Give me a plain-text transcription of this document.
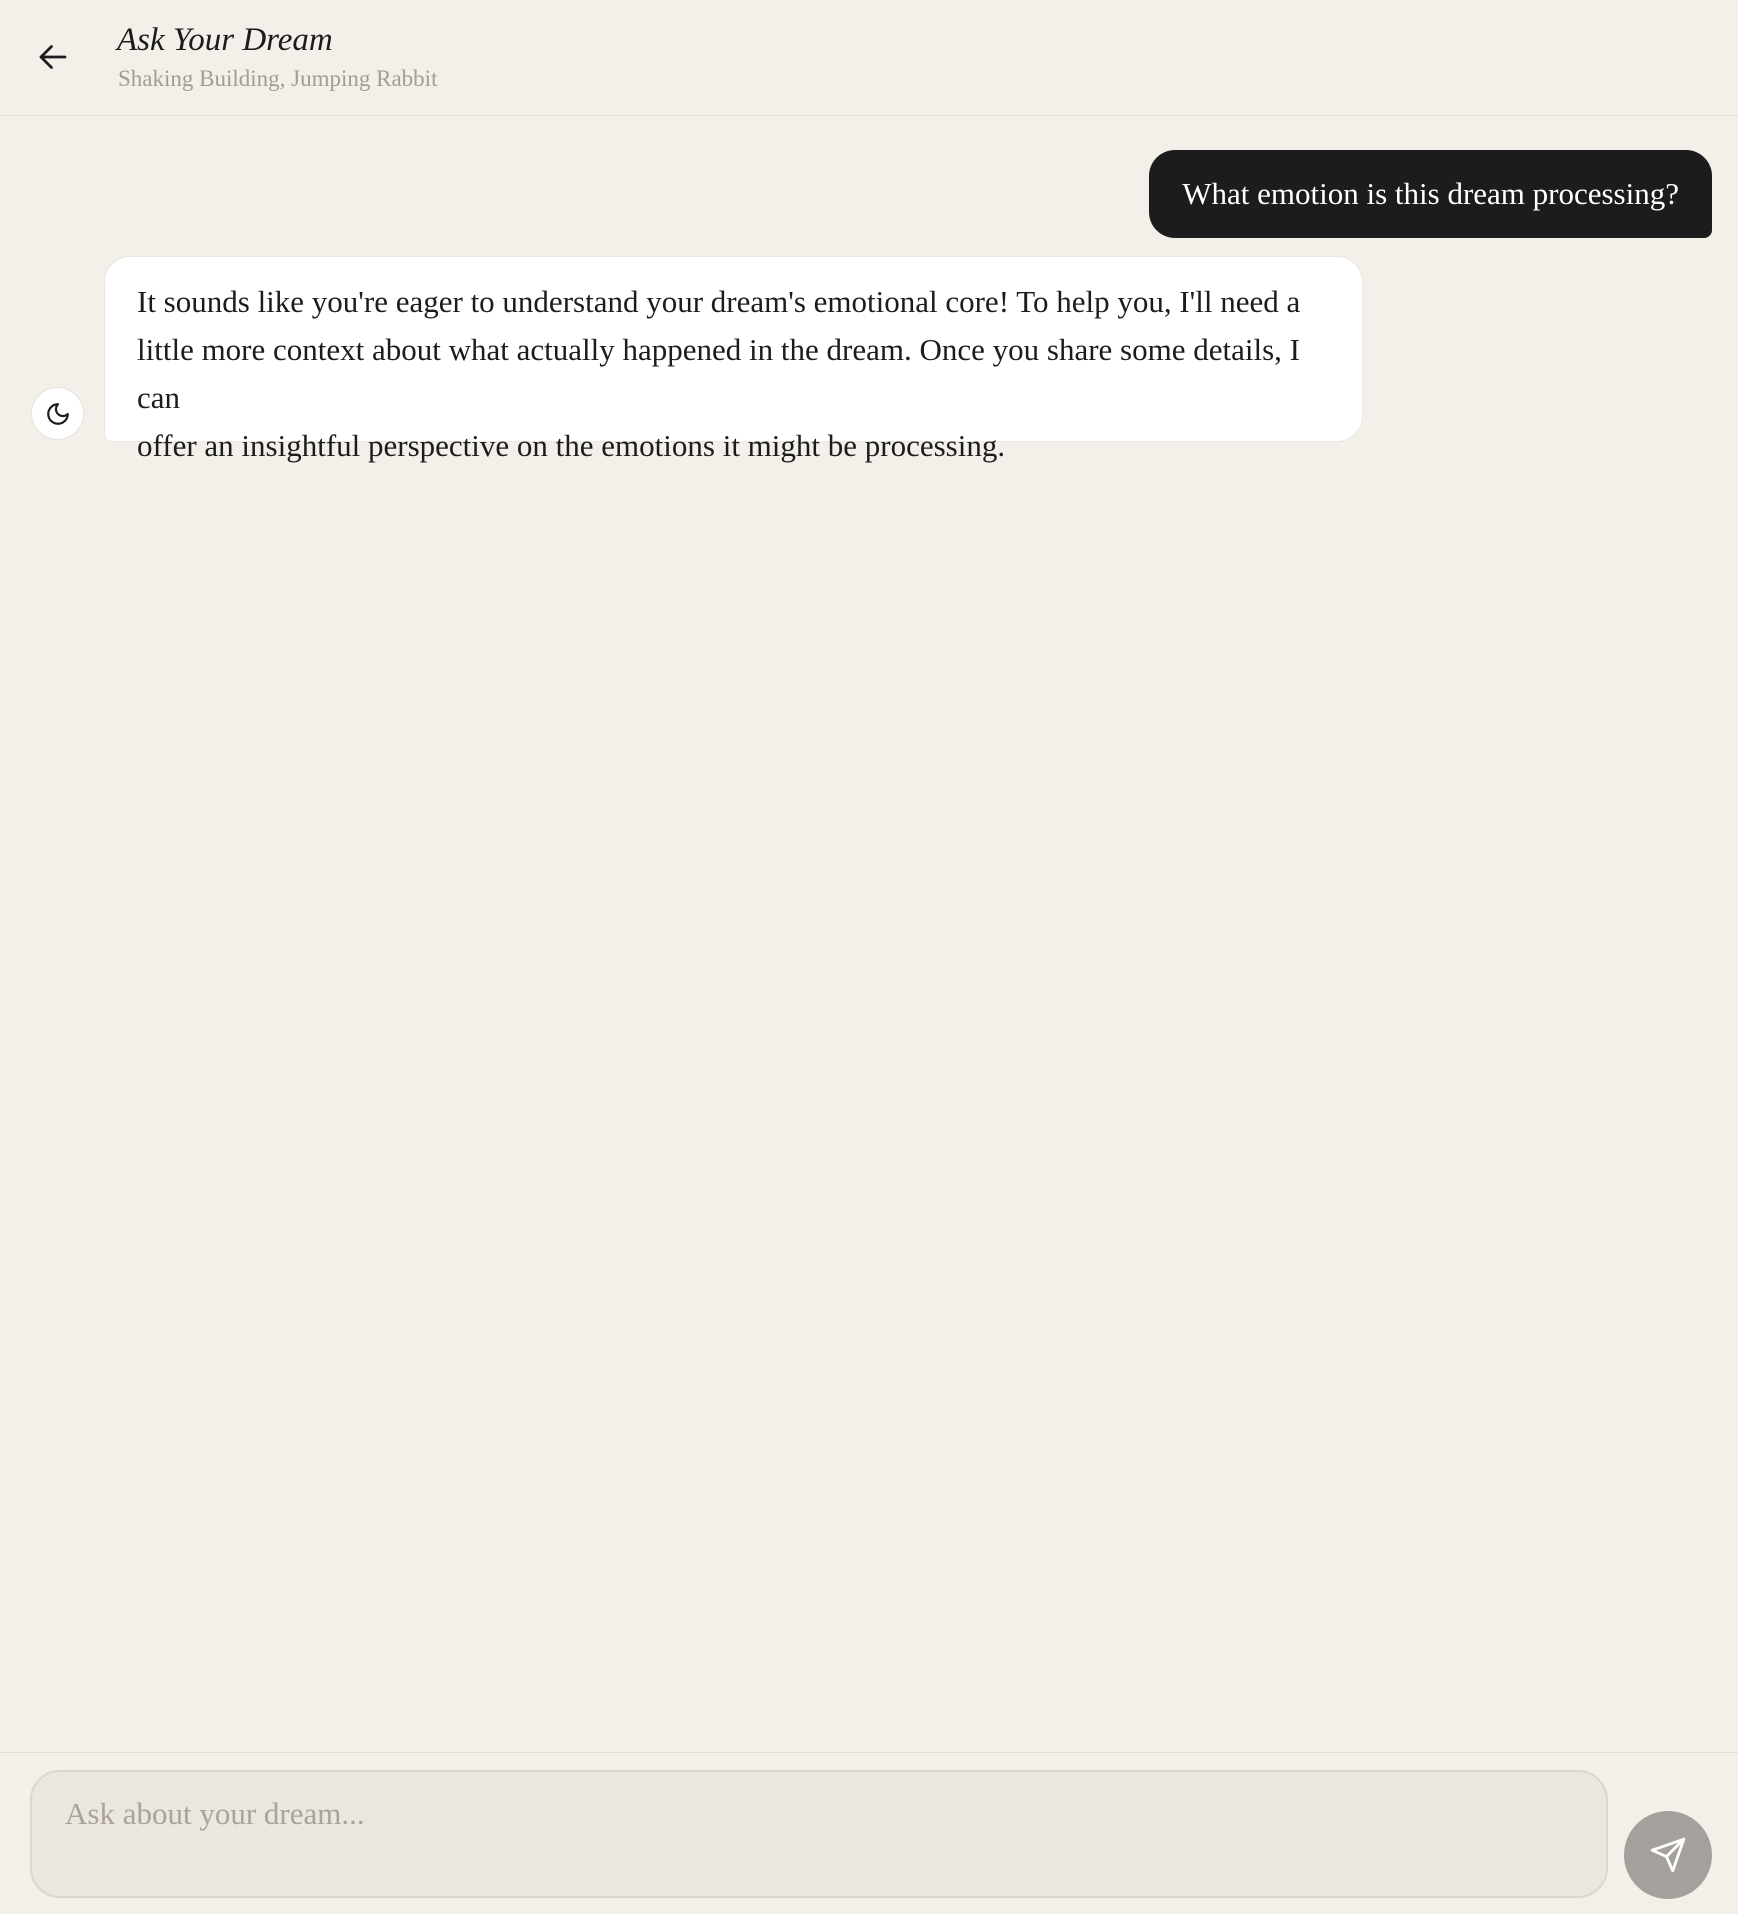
Ask Your Dream
Shaking Building, Jumping Rabbit
What emotion is this dream processing?
It sounds like you're eager to understand your dream's emotional core! To help you, I'll need a
little more context about what actually happened in the dream. Once you share some details, I can
offer an insightful perspective on the emotions it might be processing.
Ask about your dream...
